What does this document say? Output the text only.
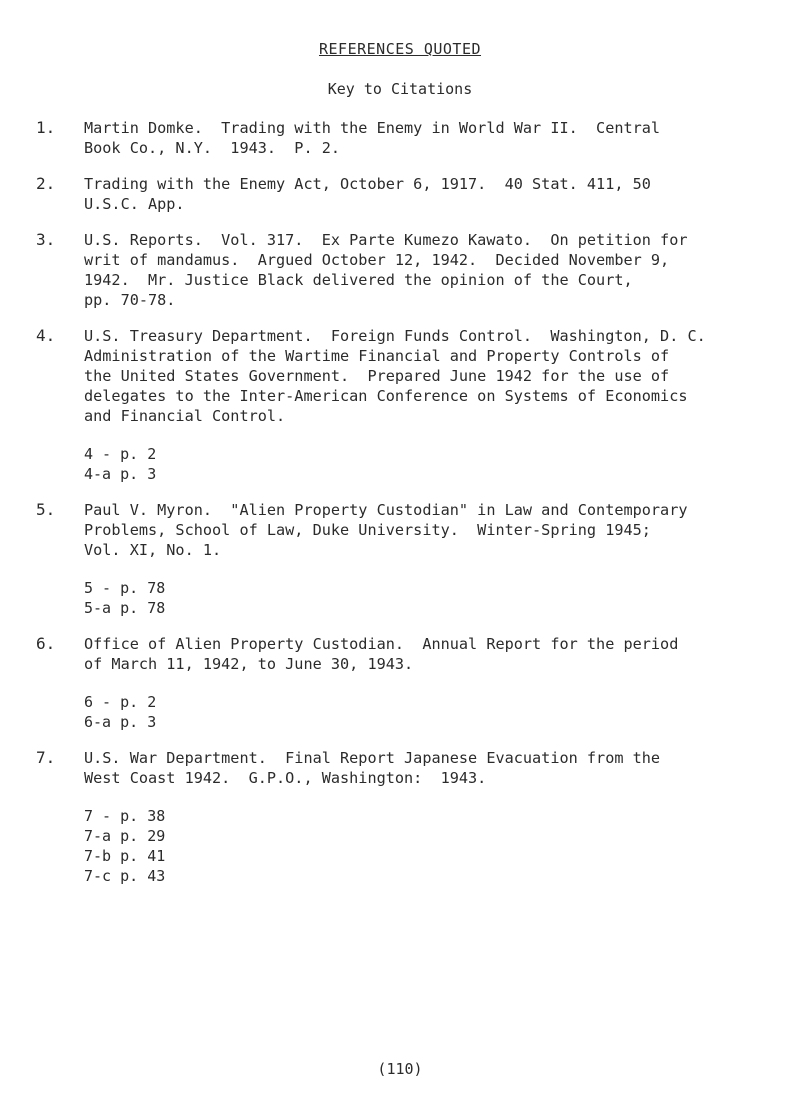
REFERENCES QUOTED
Key to Citations
1.	Martin Domke.  Trading with the Enemy in World War II.  Central
Book Co., N.Y.  1943.  P. 2.
2.	Trading with the Enemy Act, October 6, 1917.  40 Stat. 411, 50
U.S.C. App.
3.	U.S. Reports.  Vol. 317.  Ex Parte Kumezo Kawato.  On petition for
writ of mandamus.  Argued October 12, 1942.  Decided November 9,
1942.  Mr. Justice Black delivered the opinion of the Court,
pp. 70-78.
4.	U.S. Treasury Department.  Foreign Funds Control.  Washington, D. C.
Administration of the Wartime Financial and Property Controls of
the United States Government.  Prepared June 1942 for the use of
delegates to the Inter-American Conference on Systems of Economics
and Financial Control.
4 - p. 2
4-a p. 3
5.	Paul V. Myron.  "Alien Property Custodian" in Law and Contemporary
Problems, School of Law, Duke University.  Winter-Spring 1945;
Vol. XI, No. 1.
5 - p. 78
5-a p. 78
6.	Office of Alien Property Custodian.  Annual Report for the period
of March 11, 1942, to June 30, 1943.
6 - p. 2
6-a p. 3
7.	U.S. War Department.  Final Report Japanese Evacuation from the
West Coast 1942.  G.P.O., Washington:  1943.
7 - p. 38
7-a p. 29
7-b p. 41
7-c p. 43
(110)
